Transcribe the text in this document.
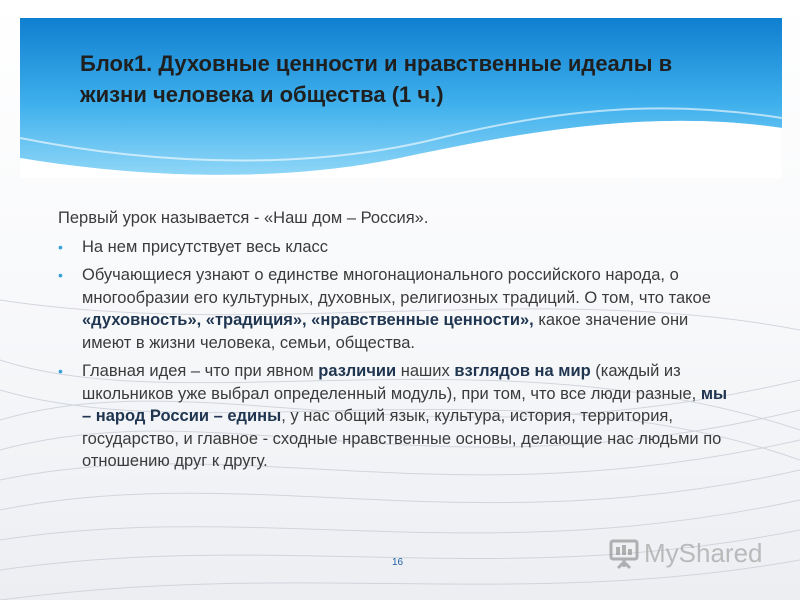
Блок1. Духовные ценности и нравственные идеалы в жизни человека и общества (1 ч.)

Первый урок называется - «Наш дом – Россия».

• На нем присутствует весь класс
• Обучающиеся узнают о единстве многонационального российского народа, о многообразии его культурных, духовных, религиозных традиций. О том, что такое «духовность», «традиция», «нравственные ценности», какое значение они имеют в жизни человека, семьи, общества.
• Главная идея – что при явном различии наших взглядов на мир (каждый из школьников уже выбрал определенный модуль), при том, что все люди разные, мы – народ России – едины, у нас общий язык, культура, история, территория, государство, и главное - сходные нравственные основы, делающие нас людьми по отношению друг к другу.
16	MyShared
